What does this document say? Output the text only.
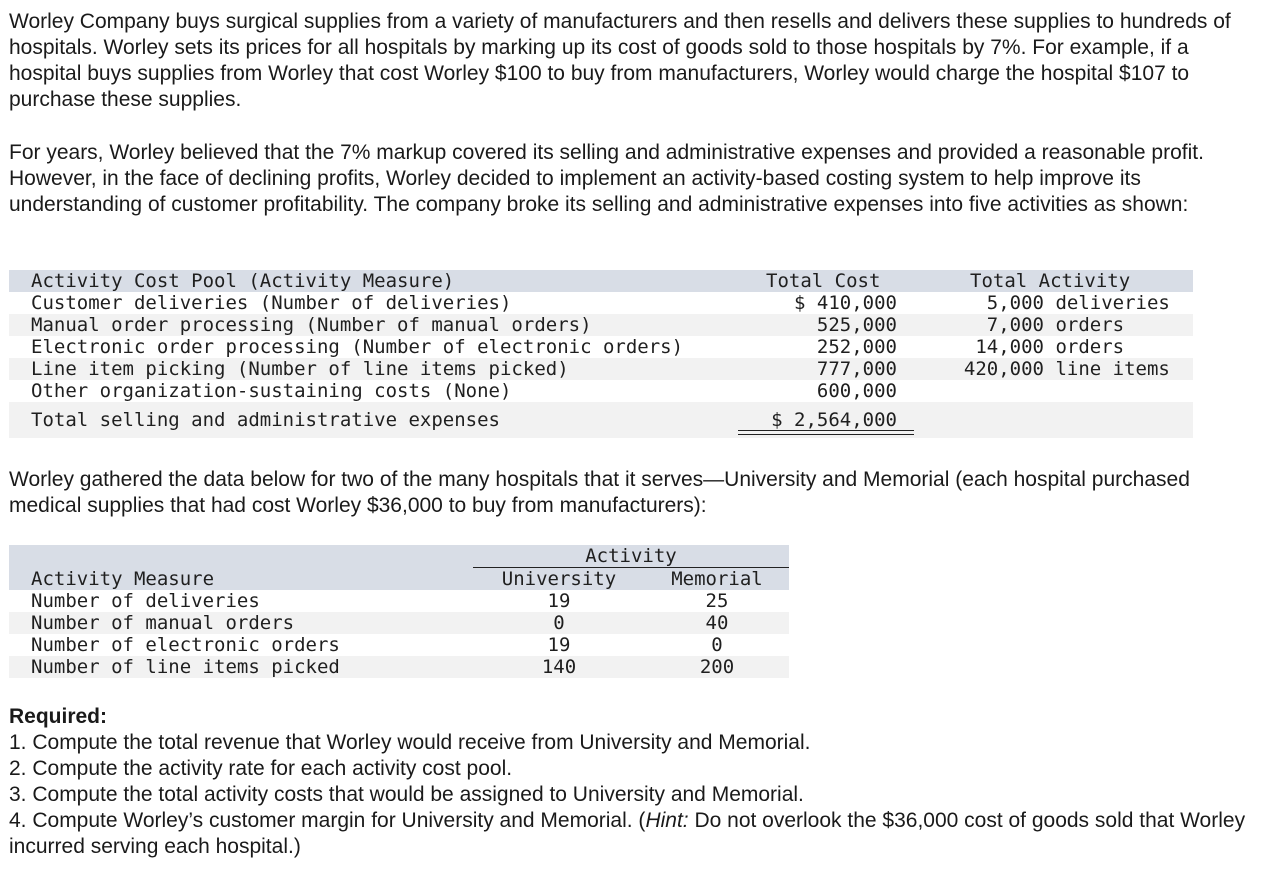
Worley Company buys surgical supplies from a variety of manufacturers and then resells and delivers these supplies to hundreds of hospitals. Worley sets its prices for all hospitals by marking up its cost of goods sold to those hospitals by 7%. For example, if a hospital buys supplies from Worley that cost Worley $100 to buy from manufacturers, Worley would charge the hospital $107 to purchase these supplies.

For years, Worley believed that the 7% markup covered its selling and administrative expenses and provided a reasonable profit. However, in the face of declining profits, Worley decided to implement an activity-based costing system to help improve its understanding of customer profitability. The company broke its selling and administrative expenses into five activities as shown:

Activity Cost Pool (Activity Measure)	Total Cost	Total Activity
Customer deliveries (Number of deliveries)	$ 410,000	5,000 deliveries
Manual order processing (Number of manual orders)	525,000	7,000 orders
Electronic order processing (Number of electronic orders)	252,000	14,000 orders
Line item picking (Number of line items picked)	777,000	420,000 line items
Other organization-sustaining costs (None)	600,000
Total selling and administrative expenses	$ 2,564,000

Worley gathered the data below for two of the many hospitals that it serves—University and Memorial (each hospital purchased medical supplies that had cost Worley $36,000 to buy from manufacturers):

Activity
Activity Measure	University	Memorial
Number of deliveries	19	25
Number of manual orders	0	40
Number of electronic orders	19	0
Number of line items picked	140	200
Required:
1. Compute the total revenue that Worley would receive from University and Memorial.
2. Compute the activity rate for each activity cost pool.
3. Compute the total activity costs that would be assigned to University and Memorial.
4. Compute Worley’s customer margin for University and Memorial. (Hint: Do not overlook the $36,000 cost of goods sold that Worley incurred serving each hospital.)
